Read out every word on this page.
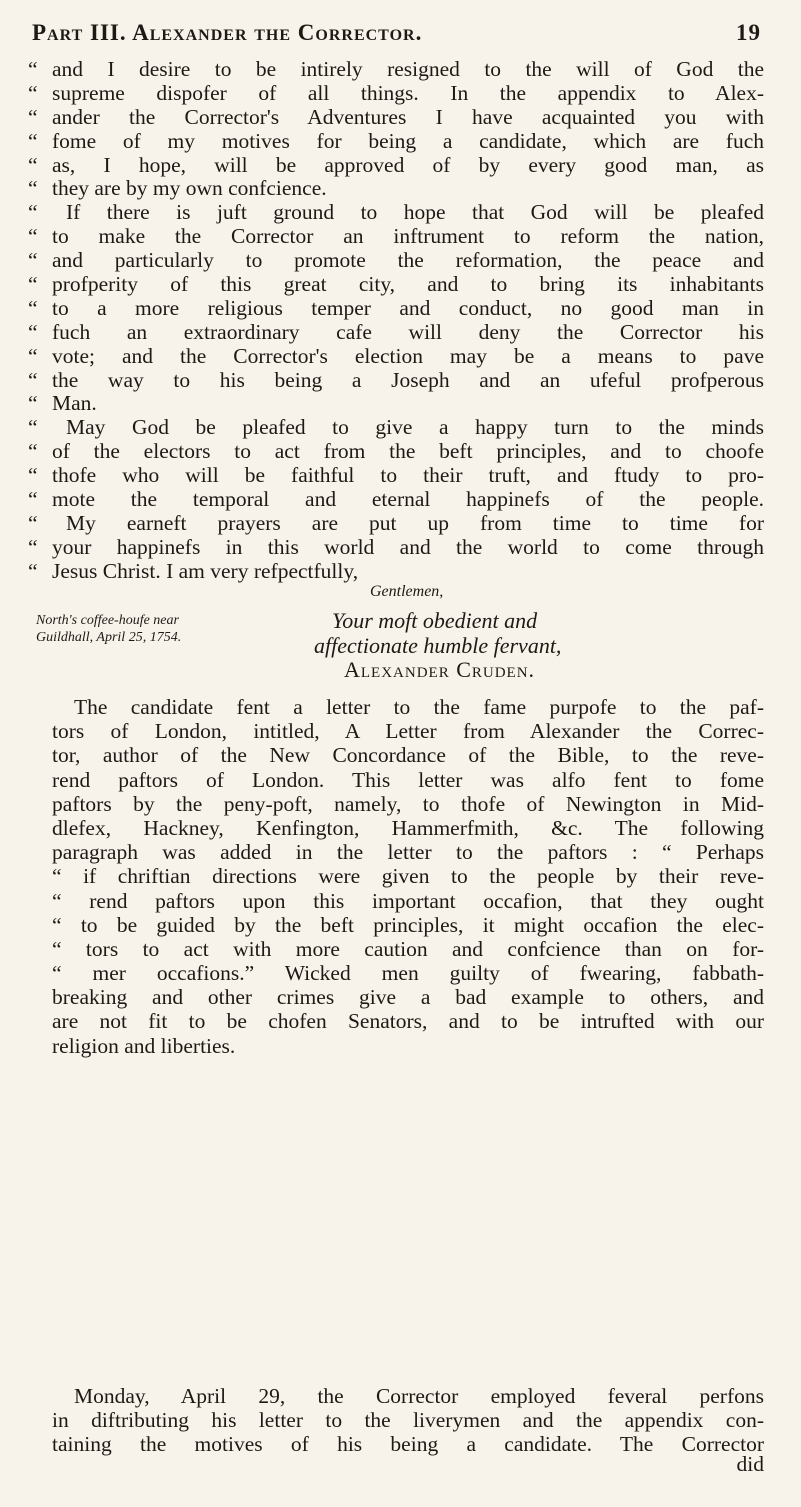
Part III. Alexander the Corrector.	19
“ and I desire to be intirely resigned to the will of God the
“ supreme dispofer of all things. In the appendix to Alex-
“ ander the Corrector's Adventures I have acquainted you with
“ fome of my motives for being a candidate, which are fuch
“ as, I hope, will be approved of by every good man, as
“ they are by my own confcience.
“ If there is juft ground to hope that God will be pleafed
“ to make the Corrector an inftrument to reform the nation,
“ and particularly to promote the reformation, the peace and
“ profperity of this great city, and to bring its inhabitants
“ to a more religious temper and conduct, no good man in
“ fuch an extraordinary cafe will deny the Corrector his
“ vote; and the Corrector's election may be a means to pave
“ the way to his being a Joseph and an ufeful profperous
“ Man.
“ May God be pleafed to give a happy turn to the minds
“ of the electors to act from the beft principles, and to choofe
“ thofe who will be faithful to their truft, and ftudy to pro-
“ mote the temporal and eternal happinefs of the people.
“ My earneft prayers are put up from time to time for
“ your happinefs in this world and the world to come through
“ Jesus Christ. I am very refpectfully,
Gentlemen,
Your moft obedient and
affectionate humble fervant,
Alexander Cruden.
North's coffee-houfe near
Guildhall, April 25, 1754.
The candidate fent a letter to the fame purpofe to the paf-
tors of London, intitled, A Letter from Alexander the Correc-
tor, author of the New Concordance of the Bible, to the reve-
rend paftors of London. This letter was alfo fent to fome
paftors by the peny-poft, namely, to thofe of Newington in Mid-
dlefex, Hackney, Kenfington, Hammerfmith, &c. The following
paragraph was added in the letter to the paftors : “ Perhaps
“ if chriftian directions were given to the people by their reve-
“ rend paftors upon this important occafion, that they ought
“ to be guided by the beft principles, it might occafion the elec-
“ tors to act with more caution and confcience than on for-
“ mer occafions.” Wicked men guilty of fwearing, fabbath-
breaking and other crimes give a bad example to others, and
are not fit to be chofen Senators, and to be intrufted with our
religion and liberties.
Monday, April 29, the Corrector employed feveral perfons
in diftributing his letter to the liverymen and the appendix con-
taining the motives of his being a candidate. The Corrector
did
